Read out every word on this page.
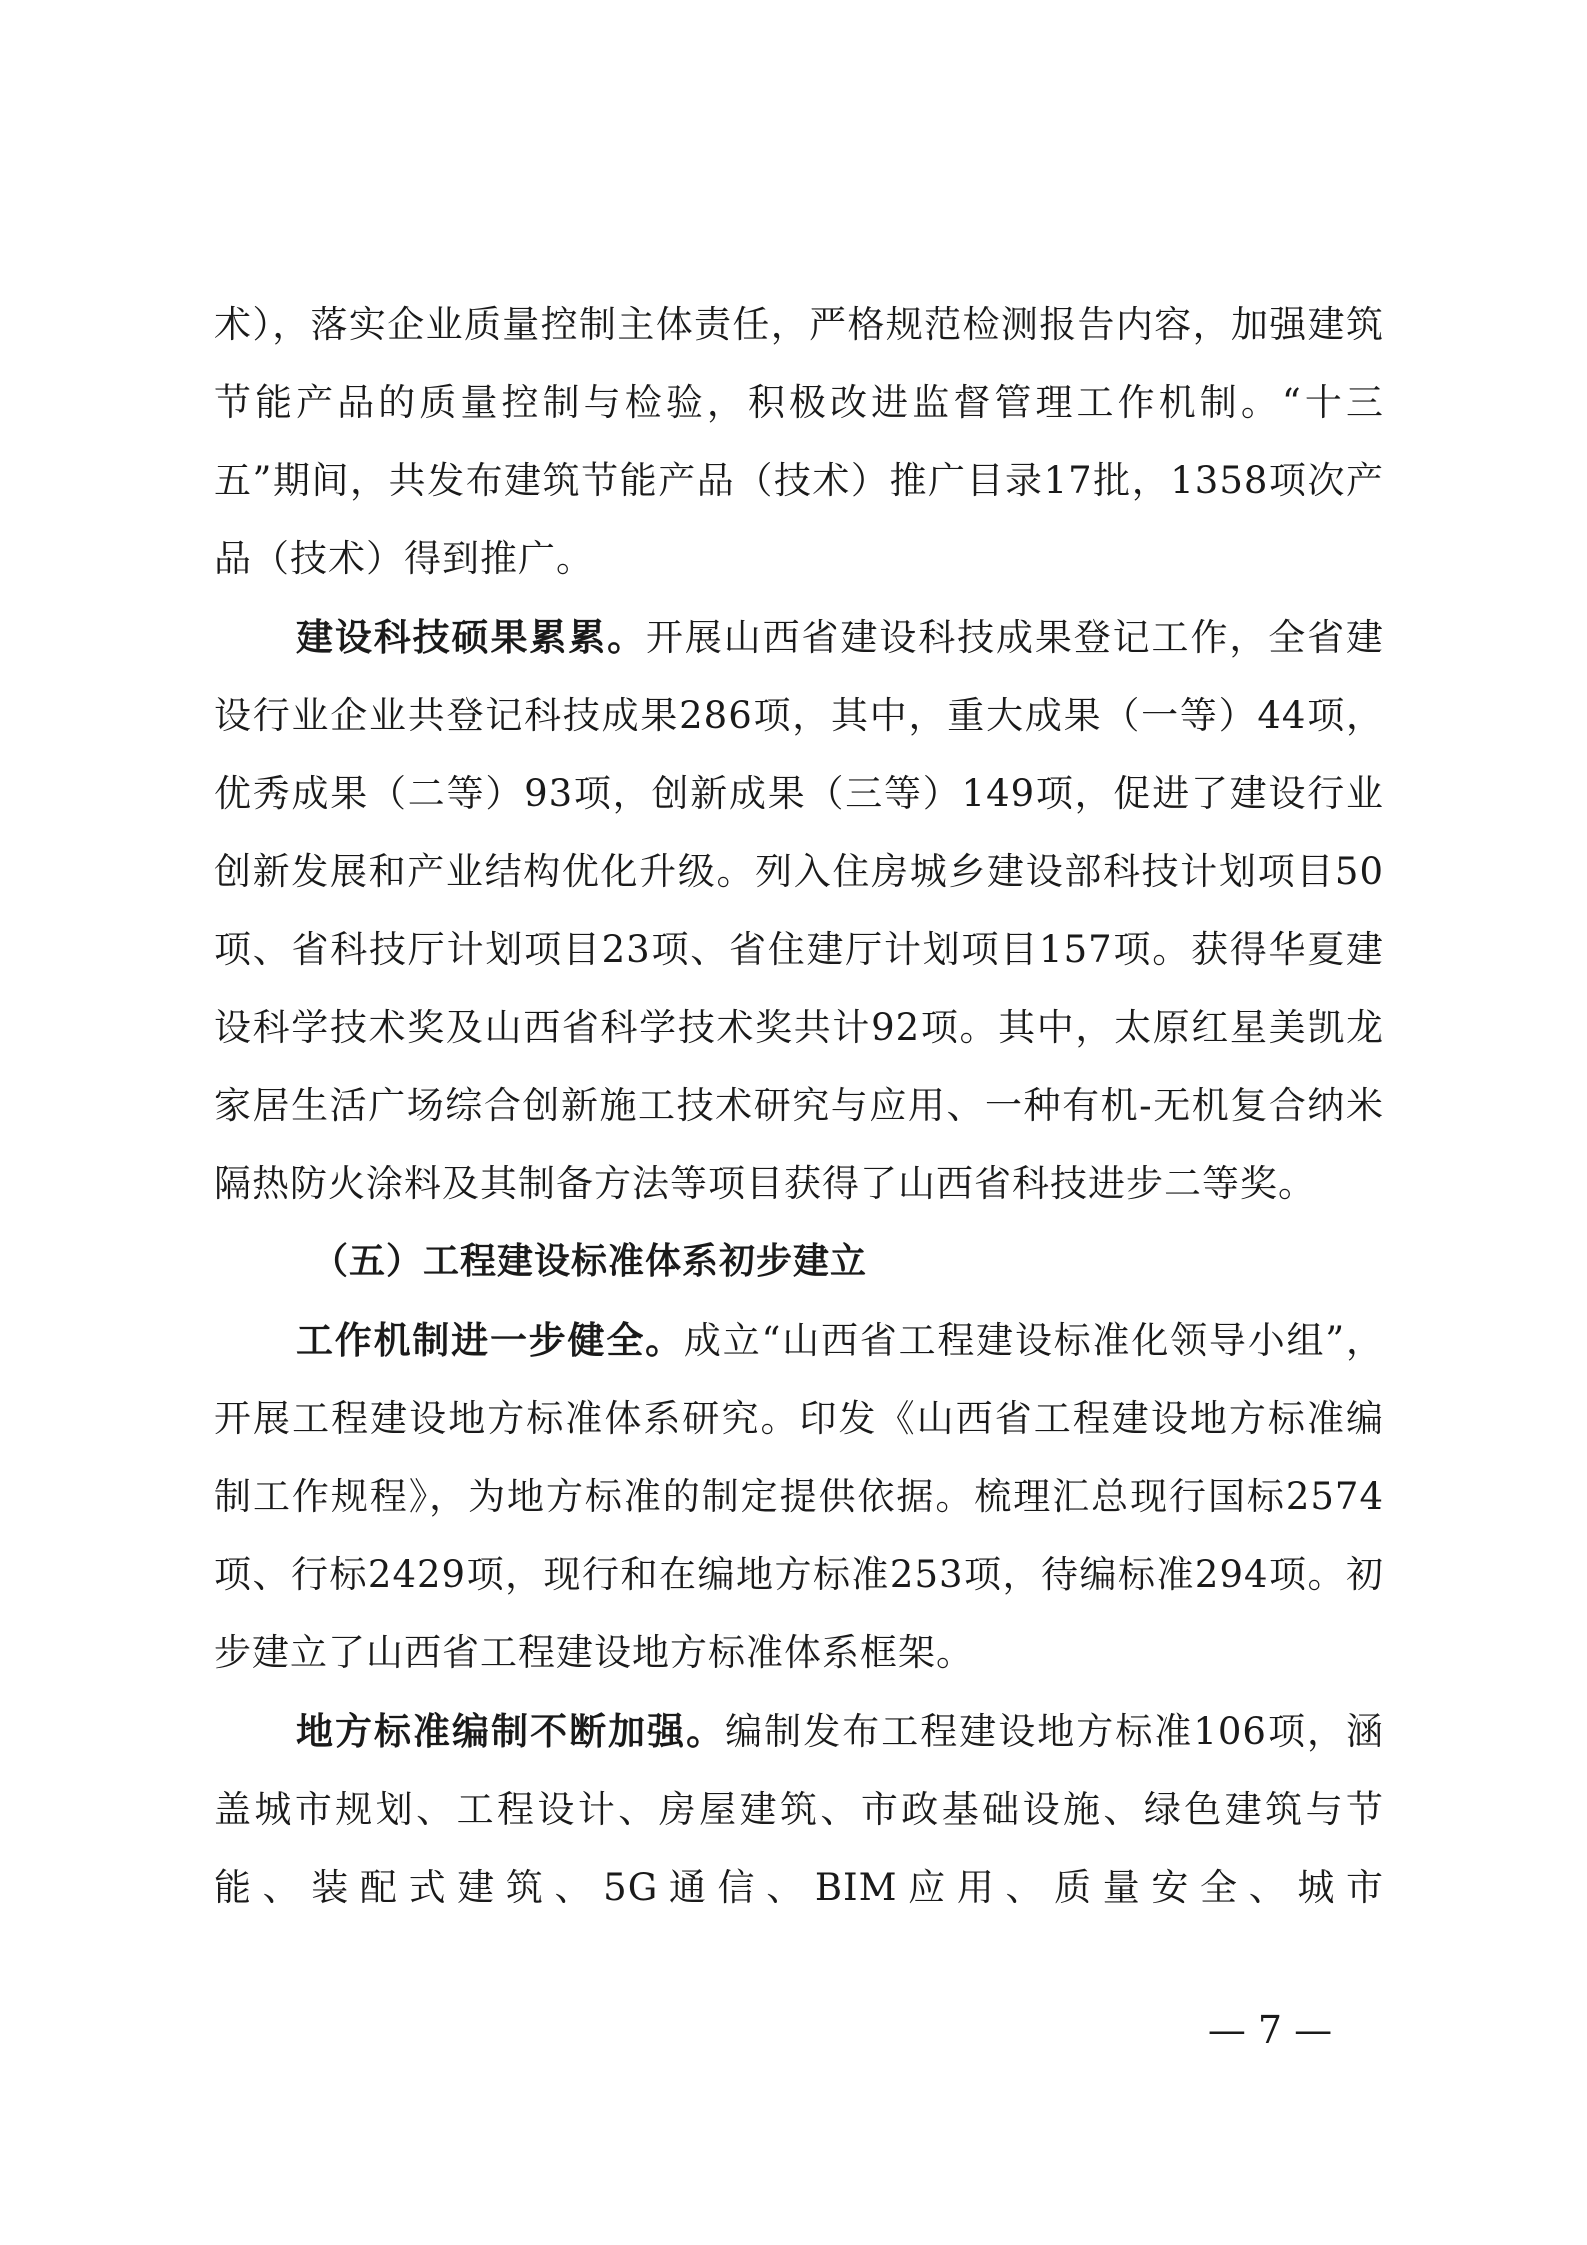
术），落实企业质量控制主体责任，严格规范检测报告内容，加强建筑节能产品的质量控制与检验，积极改进监督管理工作机制。“十三五”期间，共发布建筑节能产品（技术）推广目录17批，1358项次产品（技术）得到推广。

建设科技硕果累累。开展山西省建设科技成果登记工作，全省建设行业企业共登记科技成果286项，其中，重大成果（一等）44项，优秀成果（二等）93项，创新成果（三等）149项，促进了建设行业创新发展和产业结构优化升级。列入住房城乡建设部科技计划项目50项、省科技厅计划项目23项、省住建厅计划项目157项。获得华夏建设科学技术奖及山西省科学技术奖共计92项。其中，太原红星美凯龙家居生活广场综合创新施工技术研究与应用、一种有机-无机复合纳米隔热防火涂料及其制备方法等项目获得了山西省科技进步二等奖。

（五）工程建设标准体系初步建立

工作机制进一步健全。成立“山西省工程建设标准化领导小组”，开展工程建设地方标准体系研究。印发《山西省工程建设地方标准编制工作规程》，为地方标准的制定提供依据。梳理汇总现行国标2574项、行标2429项，现行和在编地方标准253项，待编标准294项。初步建立了山西省工程建设地方标准体系框架。

地方标准编制不断加强。编制发布工程建设地方标准106项，涵盖城市规划、工程设计、房屋建筑、市政基础设施、绿色建筑与节能、装配式建筑、5G通信、BIM应用、质量安全、城市

— 7 —
